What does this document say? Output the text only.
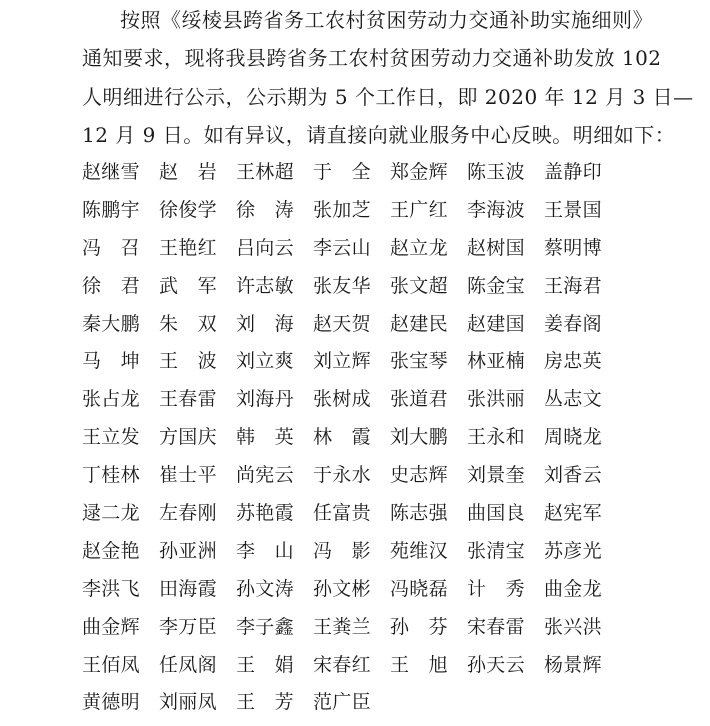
按照《绥棱县跨省务工农村贫困劳动力交通补助实施细则》
通知要求，现将我县跨省务工农村贫困劳动力交通补助发放 102
人明细进行公示，公示期为 5 个工作日，即 2020 年 12 月 3 日—
12 月 9 日。如有异议，请直接向就业服务中心反映。明细如下：
赵继雪	赵　岩	王林超	于　全	郑金辉	陈玉波	盖静印
陈鹏宇	徐俊学	徐　涛	张加芝	王广红	李海波	王景国
冯　召	王艳红	吕向云	李云山	赵立龙	赵树国	蔡明博
徐　君	武　军	许志敏	张友华	张文超	陈金宝	王海君
秦大鹏	朱　双	刘　海	赵天贺	赵建民	赵建国	姜春阁
马　坤	王　波	刘立爽	刘立辉	张宝琴	林亚楠	房忠英
张占龙	王春雷	刘海丹	张树成	张道君	张洪丽	丛志文
王立发	方国庆	韩　英	林　霞	刘大鹏	王永和	周晓龙
丁桂林	崔士平	尚宪云	于永水	史志辉	刘景奎	刘香云
逯二龙	左春刚	苏艳霞	任富贵	陈志强	曲国良	赵宪军
赵金艳	孙亚洲	李　山	冯　影	苑维汉	张清宝	苏彦光
李洪飞	田海霞	孙文涛	孙文彬	冯晓磊	计　秀	曲金龙
曲金辉	李万臣	李子鑫	王粪兰	孙　芬	宋春雷	张兴洪
王佰凤	任凤阁	王　娟	宋春红	王　旭	孙天云	杨景辉
黄德明	刘丽凤	王　芳	范广臣
